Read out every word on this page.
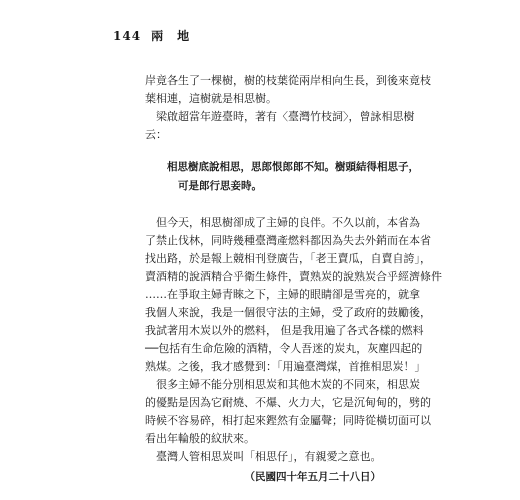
144 兩　地
岸竟各生了一棵樹，樹的枝葉從兩岸相向生長，到後來竟枝
葉相連，這樹就是相思樹。
梁啟超當年遊臺時，著有〈臺灣竹枝詞〉，曾詠相思樹
云：
相思樹底說相思，思郎恨郎郎不知。樹頭結得相思子，
可是郎行思妾時。
但今天，相思樹卻成了主婦的良伴。不久以前，本省為
了禁止伐林，同時幾種臺灣產燃料都因為失去外銷而在本省
找出路，於是報上競相刊登廣告，「老王賣瓜，自賣自誇」，
賣酒精的說酒精合乎衛生條件，賣熟炭的說熟炭合乎經濟條件
……在爭取主婦青睞之下，主婦的眼睛卻是雪亮的，就拿
我個人來說，我是一個很守法的主婦，受了政府的鼓勵後，
我試著用木炭以外的燃料， 但是我用遍了各式各樣的燃料
──包括有生命危險的酒精，令人吾迷的炭丸，灰塵四起的
熟煤。之後，我才感覺到：「用遍臺灣煤，首推相思炭！」
很多主婦不能分別相思炭和其他木炭的不同來，相思炭
的優點是因為它耐燒、不爆、火力大，它是沉甸甸的，劈的
時候不容易碎，相打起來鏗然有金屬聲；同時從橫切面可以
看出年輪般的紋狀來。
臺灣人管相思炭叫「相思仔」，有親愛之意也。
（民國四十年五月二十八日）
